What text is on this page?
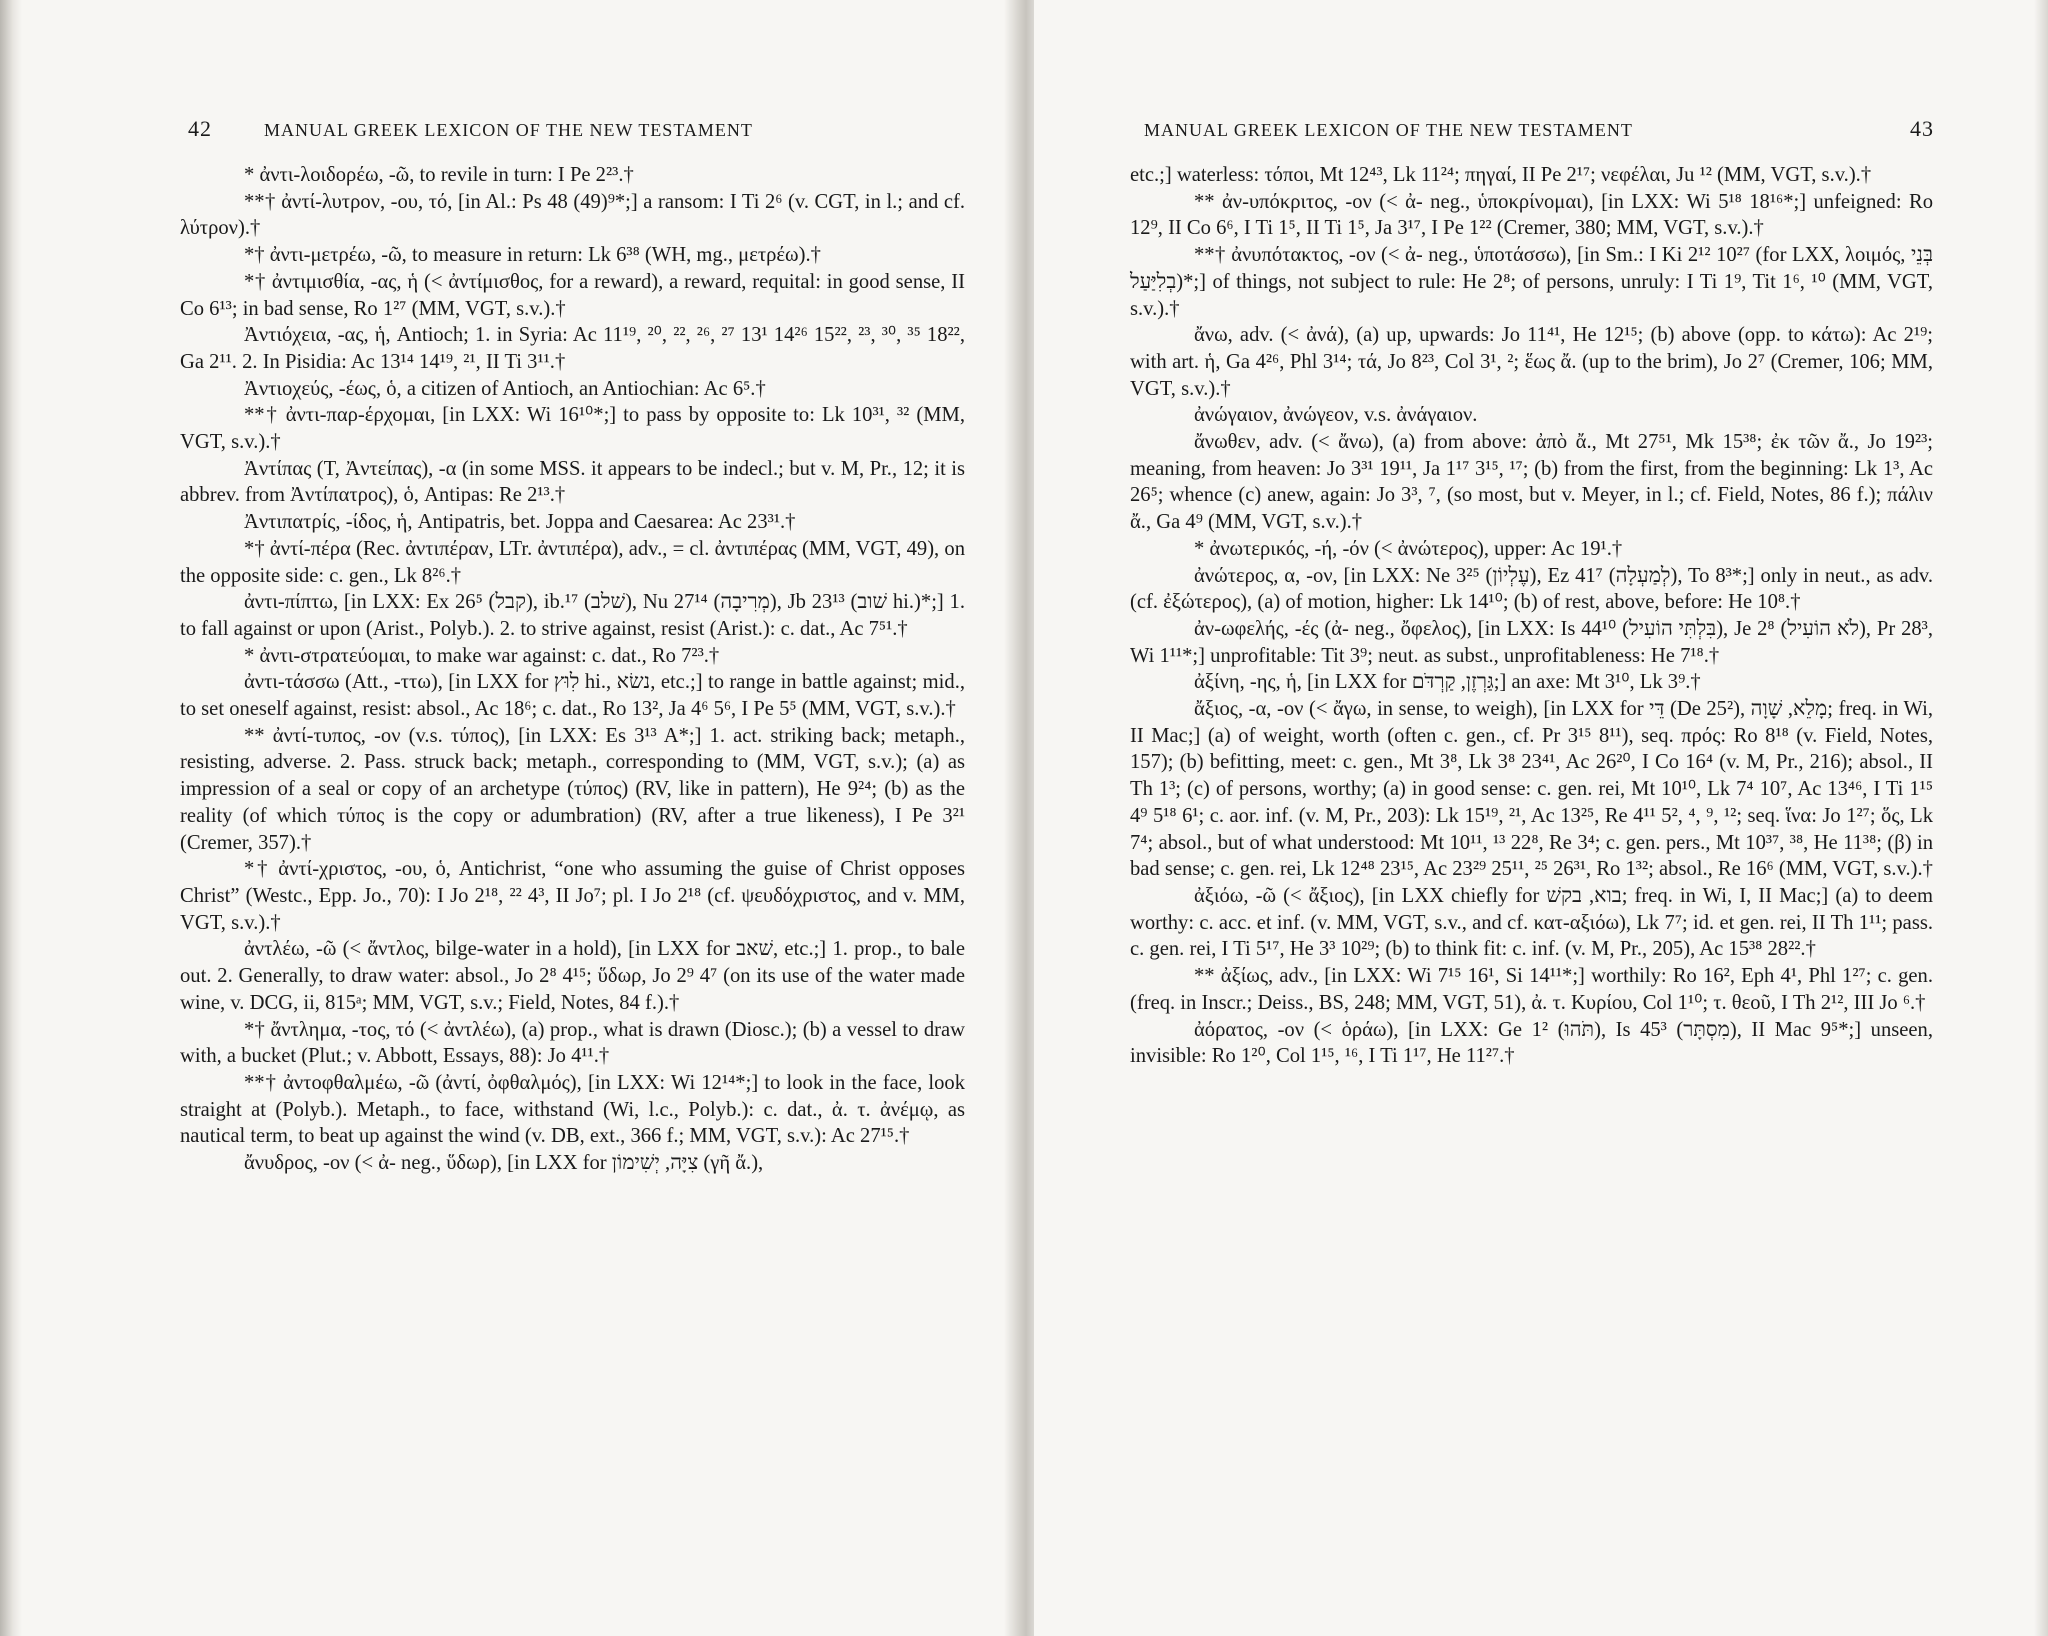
42	MANUAL GREEK LEXICON OF THE NEW TESTAMENT

* ἀντι-λοιδορέω, -ῶ, to revile in turn: I Pe 2²³.†

**† ἀντί-λυτρον, -ου, τό, [in Al.: Ps 48 (49)⁹*;] a ransom: I Ti 2⁶ (v. CGT, in l.; and cf. λύτρον).†

*† ἀντι-μετρέω, -ῶ, to measure in return: Lk 6³⁸ (WH, mg., μετρέω).†

*† ἀντιμισθία, -ας, ἡ (< ἀντίμισθος, for a reward), a reward, requital: in good sense, II Co 6¹³; in bad sense, Ro 1²⁷ (MM, VGT, s.v.).†

Ἀντιόχεια, -ας, ἡ, Antioch; 1. in Syria: Ac 11¹⁹, ²⁰, ²², ²⁶, ²⁷ 13¹ 14²⁶ 15²², ²³, ³⁰, ³⁵ 18²², Ga 2¹¹. 2. In Pisidia: Ac 13¹⁴ 14¹⁹, ²¹, II Ti 3¹¹.†

Ἀντιοχεύς, -έως, ὁ, a citizen of Antioch, an Antiochian: Ac 6⁵.†

**† ἀντι-παρ-έρχομαι, [in LXX: Wi 16¹⁰*;] to pass by opposite to: Lk 10³¹, ³² (MM, VGT, s.v.).†

Ἀντίπας (T, Ἀντείπας), -α (in some MSS. it appears to be indecl.; but v. M, Pr., 12; it is abbrev. from Ἀντίπατρος), ὁ, Antipas: Re 2¹³.†

Ἀντιπατρίς, -ίδος, ἡ, Antipatris, bet. Joppa and Caesarea: Ac 23³¹.†

*† ἀντί-πέρα (Rec. ἀντιπέραν, LTr. ἀντιπέρα), adv., = cl. ἀντιπέρας (MM, VGT, 49), on the opposite side: c. gen., Lk 8²⁶.†

ἀντι-πίπτω, [in LXX: Ex 26⁵ (קבל), ib.¹⁷ (שׁלב), Nu 27¹⁴ (מְרִיבָה), Jb 23¹³ (שׁוב hi.)*;] 1. to fall against or upon (Arist., Polyb.). 2. to strive against, resist (Arist.): c. dat., Ac 7⁵¹.†

* ἀντι-στρατεύομαι, to make war against: c. dat., Ro 7²³.†

ἀντι-τάσσω (Att., -ττω), [in LXX for לִוּץ hi., נשׂא, etc.;] to range in battle against; mid., to set oneself against, resist: absol., Ac 18⁶; c. dat., Ro 13², Ja 4⁶ 5⁶, I Pe 5⁵ (MM, VGT, s.v.).†

** ἀντί-τυπος, -ον (v.s. τύπος), [in LXX: Es 3¹³ A*;] 1. act. striking back; metaph., resisting, adverse. 2. Pass. struck back; metaph., corresponding to (MM, VGT, s.v.); (a) as impression of a seal or copy of an archetype (τύπος) (RV, like in pattern), He 9²⁴; (b) as the reality (of which τύπος is the copy or adumbration) (RV, after a true likeness), I Pe 3²¹ (Cremer, 357).†

*† ἀντί-χριστος, -ου, ὁ, Antichrist, “one who assuming the guise of Christ opposes Christ” (Westc., Epp. Jo., 70): I Jo 2¹⁸, ²² 4³, II Jo⁷; pl. I Jo 2¹⁸ (cf. ψευδόχριστος, and v. MM, VGT, s.v.).†

ἀντλέω, -ῶ (< ἄντλος, bilge-water in a hold), [in LXX for שׁאב, etc.;] 1. prop., to bale out. 2. Generally, to draw water: absol., Jo 2⁸ 4¹⁵; ὕδωρ, Jo 2⁹ 4⁷ (on its use of the water made wine, v. DCG, ii, 815ᵃ; MM, VGT, s.v.; Field, Notes, 84 f.).†

*† ἄντλημα, -τος, τό (< ἀντλέω), (a) prop., what is drawn (Diosc.); (b) a vessel to draw with, a bucket (Plut.; v. Abbott, Essays, 88): Jo 4¹¹.†

**† ἀντοφθαλμέω, -ῶ (ἀντί, ὀφθαλμός), [in LXX: Wi 12¹⁴*;] to look in the face, look straight at (Polyb.). Metaph., to face, withstand (Wi, l.c., Polyb.): c. dat., ἀ. τ. ἀνέμῳ, as nautical term, to beat up against the wind (v. DB, ext., 366 f.; MM, VGT, s.v.): Ac 27¹⁵.†

ἄνυδρος, -ον (< ἀ- neg., ὕδωρ), [in LXX for צִיָּה, יְשִׁימוֹן (γῆ ἄ.),

MANUAL GREEK LEXICON OF THE NEW TESTAMENT	43

etc.;] waterless: τόποι, Mt 12⁴³, Lk 11²⁴; πηγαί, II Pe 2¹⁷; νεφέλαι, Ju ¹² (MM, VGT, s.v.).†

** ἀν-υπόκριτος, -ον (< ἀ- neg., ὑποκρίνομαι), [in LXX: Wi 5¹⁸ 18¹⁶*;] unfeigned: Ro 12⁹, II Co 6⁶, I Ti 1⁵, II Ti 1⁵, Ja 3¹⁷, I Pe 1²² (Cremer, 380; MM, VGT, s.v.).†

**† ἀνυπότακτος, -ον (< ἀ- neg., ὑποτάσσω), [in Sm.: I Ki 2¹² 10²⁷ (for LXX, λοιμός, בְּנֵי בְלִיַּעַל)*;] of things, not subject to rule: He 2⁸; of persons, unruly: I Ti 1⁹, Tit 1⁶, ¹⁰ (MM, VGT, s.v.).†

ἄνω, adv. (< ἀνά), (a) up, upwards: Jo 11⁴¹, He 12¹⁵; (b) above (opp. to κάτω): Ac 2¹⁹; with art. ἡ, Ga 4²⁶, Phl 3¹⁴; τά, Jo 8²³, Col 3¹, ²; ἕως ἄ. (up to the brim), Jo 2⁷ (Cremer, 106; MM, VGT, s.v.).†

ἀνώγαιον, ἀνώγεον, v.s. ἀνάγαιον.

ἄνωθεν, adv. (< ἄνω), (a) from above: ἀπὸ ἄ., Mt 27⁵¹, Mk 15³⁸; ἐκ τῶν ἄ., Jo 19²³; meaning, from heaven: Jo 3³¹ 19¹¹, Ja 1¹⁷ 3¹⁵, ¹⁷; (b) from the first, from the beginning: Lk 1³, Ac 26⁵; whence (c) anew, again: Jo 3³, ⁷, (so most, but v. Meyer, in l.; cf. Field, Notes, 86 f.); πάλιν ἄ., Ga 4⁹ (MM, VGT, s.v.).†

* ἀνωτερικός, -ή, -όν (< ἀνώτερος), upper: Ac 19¹.†

ἀνώτερος, α, -ον, [in LXX: Ne 3²⁵ (עֶלְיוֹן), Ez 41⁷ (לְמַעְלָה), To 8³*;] only in neut., as adv. (cf. ἐξώτερος), (a) of motion, higher: Lk 14¹⁰; (b) of rest, above, before: He 10⁸.†

ἀν-ωφελής, -ές (ἀ- neg., ὄφελος), [in LXX: Is 44¹⁰ (בִּלְתִּי הוֹעִיל), Je 2⁸ (לֹא הוֹעִיל), Pr 28³, Wi 1¹¹*;] unprofitable: Tit 3⁹; neut. as subst., unprofitableness: He 7¹⁸.†

ἀξίνη, -ης, ἡ, [in LXX for גַּרְזֶן, קַרְדֹּם;] an axe: Mt 3¹⁰, Lk 3⁹.†

ἄξιος, -α, -ον (< ἄγω, in sense, to weigh), [in LXX for דֵּי (De 25²), מָלֵא, שָׁוָה; freq. in Wi, II Mac;] (a) of weight, worth (often c. gen., cf. Pr 3¹⁵ 8¹¹), seq. πρός: Ro 8¹⁸ (v. Field, Notes, 157); (b) befitting, meet: c. gen., Mt 3⁸, Lk 3⁸ 23⁴¹, Ac 26²⁰, I Co 16⁴ (v. M, Pr., 216); absol., II Th 1³; (c) of persons, worthy; (a) in good sense: c. gen. rei, Mt 10¹⁰, Lk 7⁴ 10⁷, Ac 13⁴⁶, I Ti 1¹⁵ 4⁹ 5¹⁸ 6¹; c. aor. inf. (v. M, Pr., 203): Lk 15¹⁹, ²¹, Ac 13²⁵, Re 4¹¹ 5², ⁴, ⁹, ¹²; seq. ἵνα: Jo 1²⁷; ὅς, Lk 7⁴; absol., but of what understood: Mt 10¹¹, ¹³ 22⁸, Re 3⁴; c. gen. pers., Mt 10³⁷, ³⁸, He 11³⁸; (β) in bad sense; c. gen. rei, Lk 12⁴⁸ 23¹⁵, Ac 23²⁹ 25¹¹, ²⁵ 26³¹, Ro 1³²; absol., Re 16⁶ (MM, VGT, s.v.).†

ἀξιόω, -ῶ (< ἄξιος), [in LXX chiefly for בוא, בקשׁ; freq. in Wi, I, II Mac;] (a) to deem worthy: c. acc. et inf. (v. MM, VGT, s.v., and cf. κατ-αξιόω), Lk 7⁷; id. et gen. rei, II Th 1¹¹; pass. c. gen. rei, I Ti 5¹⁷, He 3³ 10²⁹; (b) to think fit: c. inf. (v. M, Pr., 205), Ac 15³⁸ 28²².†

** ἀξίως, adv., [in LXX: Wi 7¹⁵ 16¹, Si 14¹¹*;] worthily: Ro 16², Eph 4¹, Phl 1²⁷; c. gen. (freq. in Inscr.; Deiss., BS, 248; MM, VGT, 51), ἀ. τ. Κυρίου, Col 1¹⁰; τ. θεοῦ, I Th 2¹², III Jo ⁶.†

ἀόρατος, -ον (< ὁράω), [in LXX: Ge 1² (תֹּהוּ), Is 45³ (מִסְתָּר), II Mac 9⁵*;] unseen, invisible: Ro 1²⁰, Col 1¹⁵, ¹⁶, I Ti 1¹⁷, He 11²⁷.†
